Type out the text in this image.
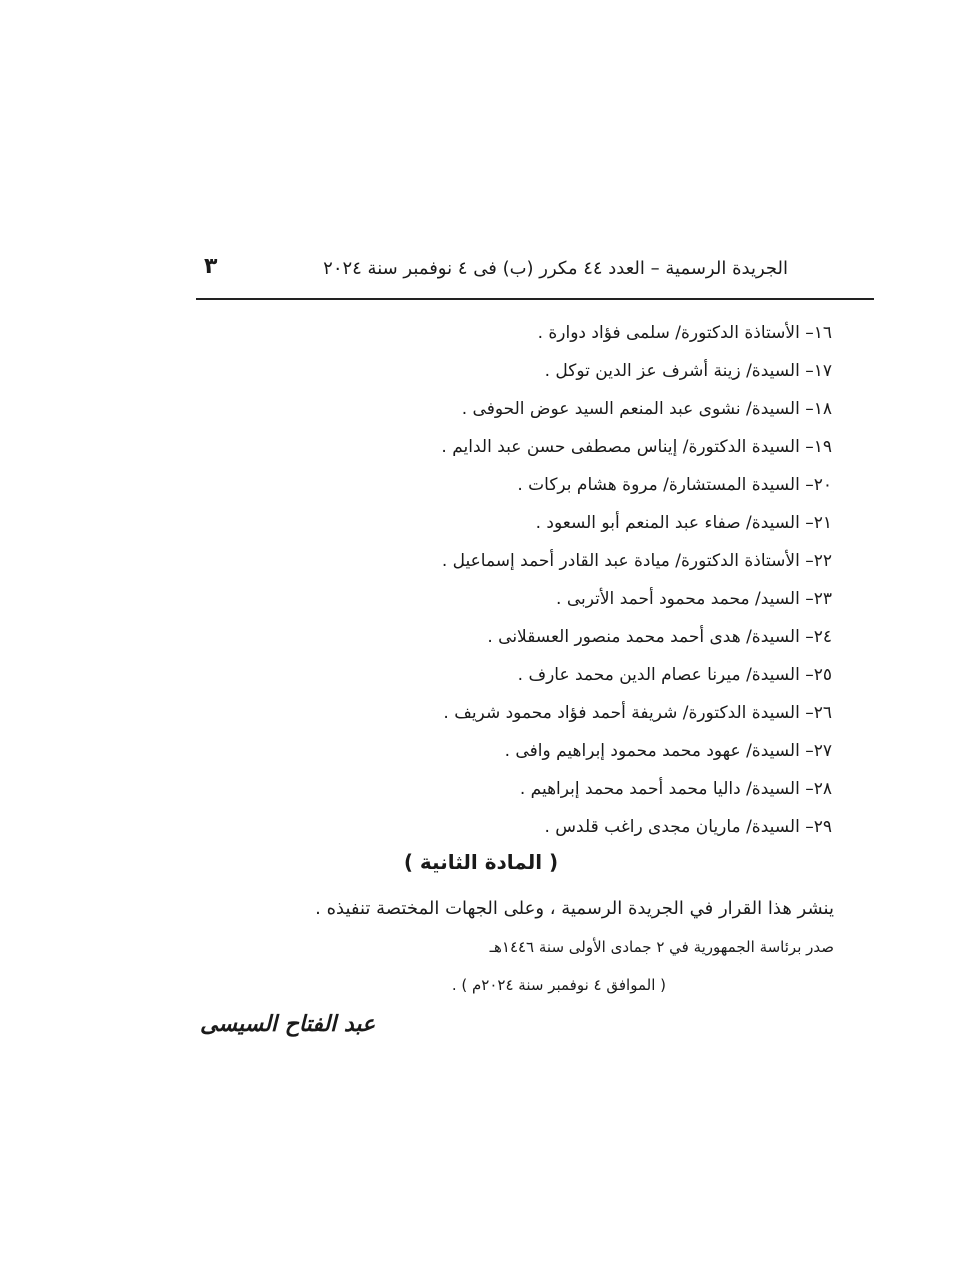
الجريدة الرسمية – العدد ٤٤ مكرر (ب) فى ٤ نوفمبر سنة ٢٠٢٤
٣
١٦– الأستاذة الدكتورة/ سلمى فؤاد دوارة .
١٧– السيدة/ زينة أشرف عز الدين توكل .
١٨– السيدة/ نشوى عبد المنعم السيد عوض الحوفى .
١٩– السيدة الدكتورة/ إيناس مصطفى حسن عبد الدايم .
٢٠– السيدة المستشارة/ مروة هشام بركات .
٢١– السيدة/ صفاء عبد المنعم أبو السعود .
٢٢– الأستاذة الدكتورة/ ميادة عبد القادر أحمد إسماعيل .
٢٣– السيد/ محمد محمود أحمد الأتربى .
٢٤– السيدة/ هدى أحمد محمد منصور العسقلانى .
٢٥– السيدة/ ميرنا عصام الدين محمد عارف .
٢٦– السيدة الدكتورة/ شريفة أحمد فؤاد محمود شريف .
٢٧– السيدة/ عهود محمد محمود إبراهيم وافى .
٢٨– السيدة/ داليا محمد أحمد محمد إبراهيم .
٢٩– السيدة/ ماريان مجدى راغب قلدس .
( المادة الثانية )
ينشر هذا القرار في الجريدة الرسمية ، وعلى الجهات المختصة تنفيذه .
صدر برئاسة الجمهورية في ٢ جمادى الأولى سنة ١٤٤٦هـ
( الموافق ٤ نوفمبر سنة ٢٠٢٤م ) .
عبد الفتاح السيسى
